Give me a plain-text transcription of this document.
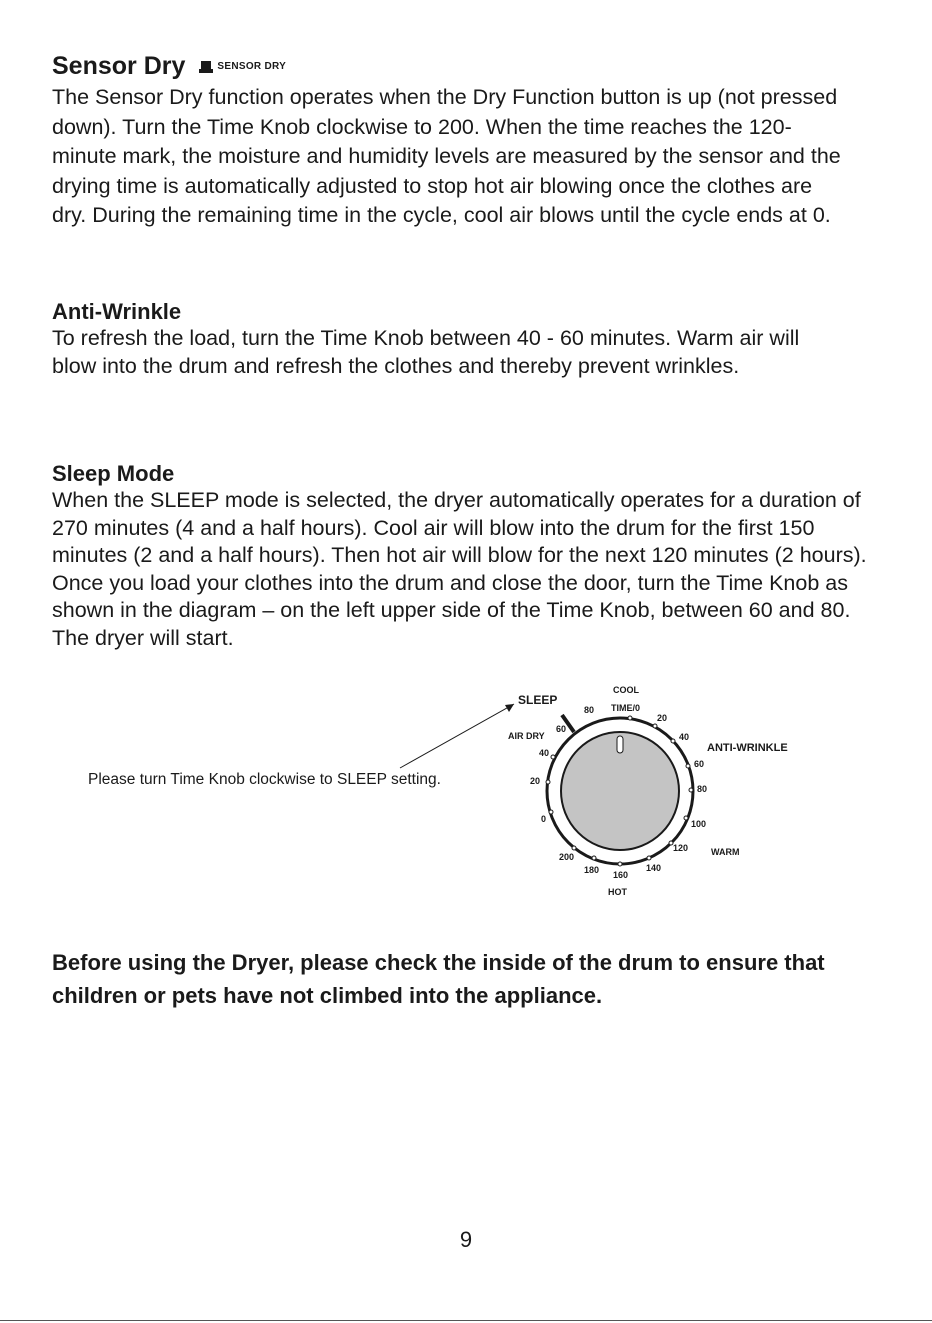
Sensor Dry	SENSOR DRY

The Sensor Dry function operates when the Dry Function button is up (not pressed down). Turn the Time Knob clockwise to 200. When the time reaches the 120-minute mark, the moisture and humidity levels are measured by the sensor and the drying time is automatically adjusted to stop hot air blowing once the clothes are dry. During the remaining time in the cycle, cool air blows until the cycle ends at 0.

Anti-Wrinkle

To refresh the load, turn the Time Knob between 40 - 60 minutes. Warm air will blow into the drum and refresh the clothes and thereby prevent wrinkles.

Sleep Mode

When the SLEEP mode is selected, the dryer automatically operates for a duration of 270 minutes (4 and a half hours). Cool air will blow into the drum for the first 150 minutes (2 and a half hours). Then hot air will blow for the next 120 minutes (2 hours). Once you load your clothes into the drum and close the door, turn the Time Knob as shown in the diagram – on the left upper side of the Time Knob, between 60 and 80. The dryer will start.

Please turn Time Knob clockwise to SLEEP setting.
SLEEP
AIR DRY
COOL
TIME/0
ANTI-WRINKLE
WARM
HOT
20
40
60
80
100
120
140
160
180
200
0
20
40
60
80
Before using the Dryer, please check the inside of the drum to ensure that children or pets have not climbed into the appliance.
9
